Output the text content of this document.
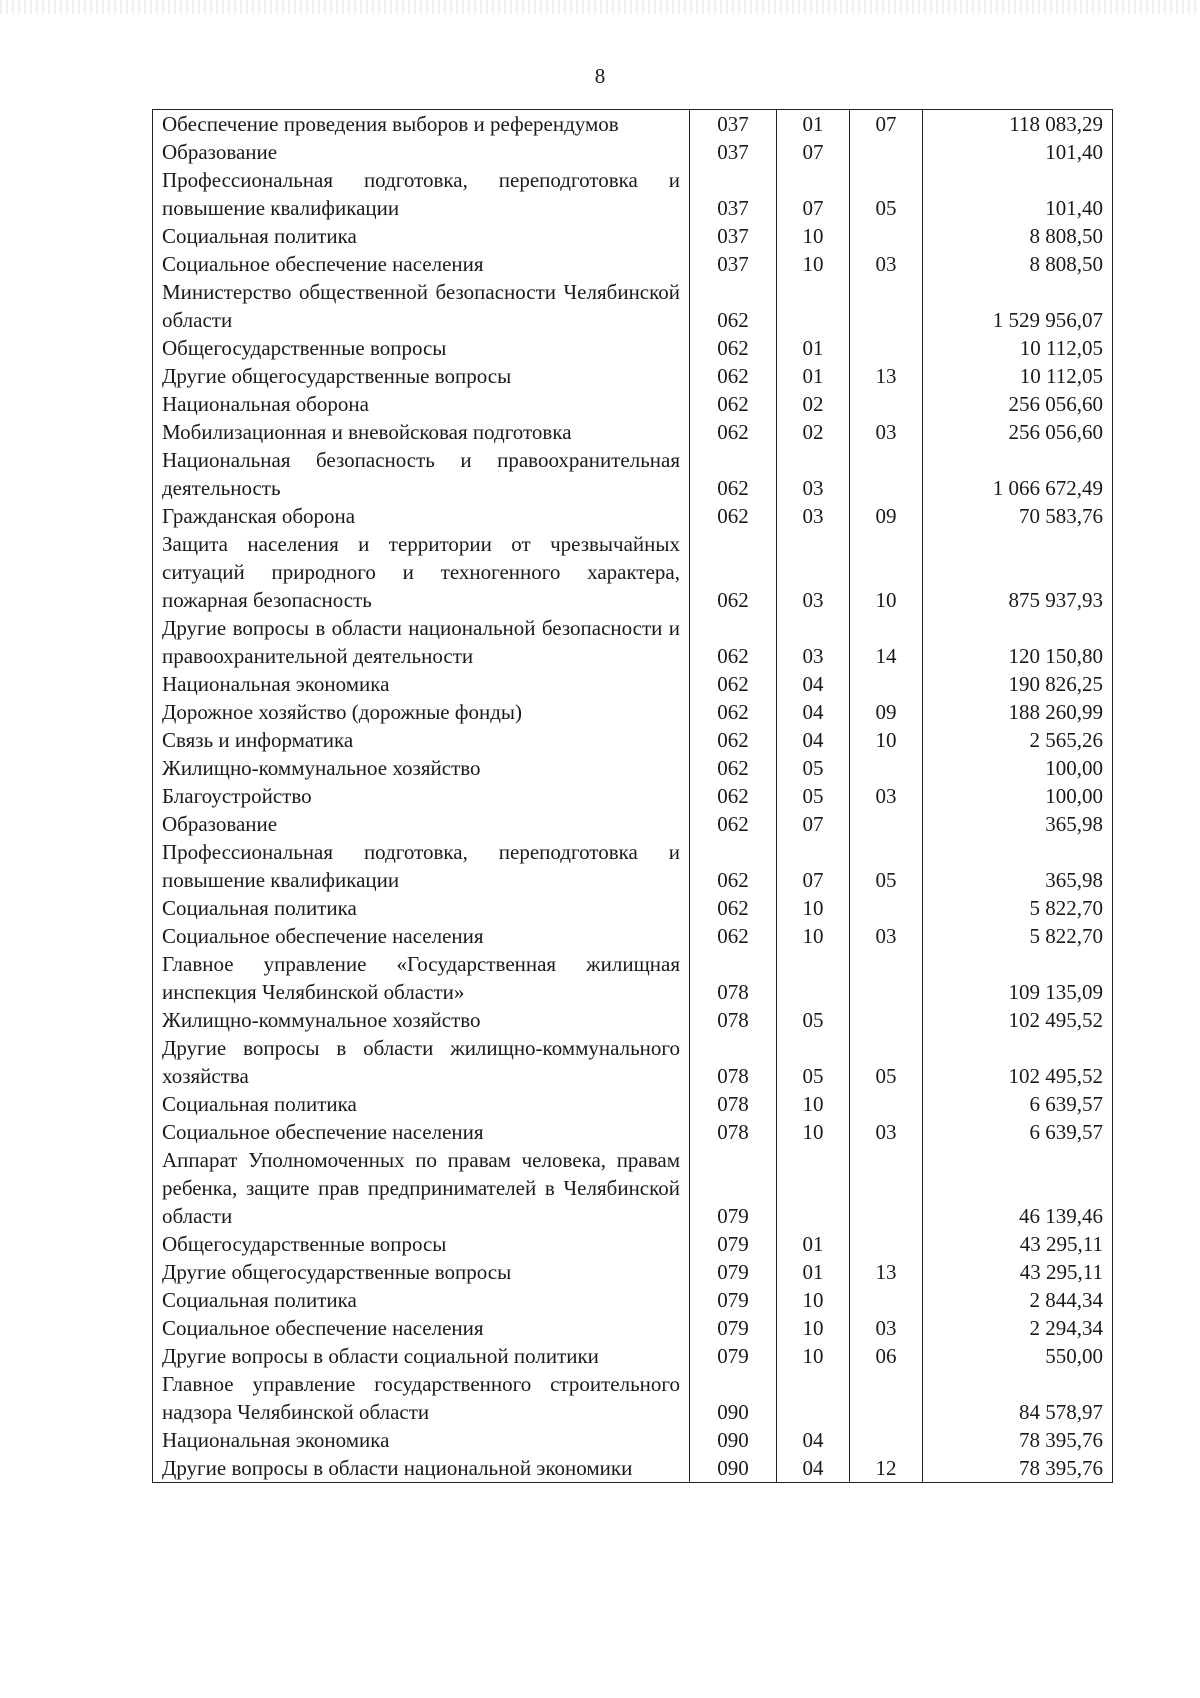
8
Обеспечение проведения выборов и референдумов	037	01	07	118 083,29
Образование	037	07		101,40
Профессиональная подготовка, переподготовка и повышение квалификации	037	07	05	101,40
Социальная политика	037	10		8 808,50
Социальное обеспечение населения	037	10	03	8 808,50
Министерство общественной безопасности Челябинской области	062			1 529 956,07
Общегосударственные вопросы	062	01		10 112,05
Другие общегосударственные вопросы	062	01	13	10 112,05
Национальная оборона	062	02		256 056,60
Мобилизационная и вневойсковая подготовка	062	02	03	256 056,60
Национальная безопасность и правоохранительная деятельность	062	03		1 066 672,49
Гражданская оборона	062	03	09	70 583,76
Защита населения и территории от чрезвычайных ситуаций природного и техногенного характера, пожарная безопасность	062	03	10	875 937,93
Другие вопросы в области национальной безопасности и правоохранительной деятельности	062	03	14	120 150,80
Национальная экономика	062	04		190 826,25
Дорожное хозяйство (дорожные фонды)	062	04	09	188 260,99
Связь и информатика	062	04	10	2 565,26
Жилищно-коммунальное хозяйство	062	05		100,00
Благоустройство	062	05	03	100,00
Образование	062	07		365,98
Профессиональная подготовка, переподготовка и повышение квалификации	062	07	05	365,98
Социальная политика	062	10		5 822,70
Социальное обеспечение населения	062	10	03	5 822,70
Главное управление «Государственная жилищная инспекция Челябинской области»	078			109 135,09
Жилищно-коммунальное хозяйство	078	05		102 495,52
Другие вопросы в области жилищно-коммунального хозяйства	078	05	05	102 495,52
Социальная политика	078	10		6 639,57
Социальное обеспечение населения	078	10	03	6 639,57
Аппарат Уполномоченных по правам человека, правам ребенка, защите прав предпринимателей в Челябинской области	079			46 139,46
Общегосударственные вопросы	079	01		43 295,11
Другие общегосударственные вопросы	079	01	13	43 295,11
Социальная политика	079	10		2 844,34
Социальное обеспечение населения	079	10	03	2 294,34
Другие вопросы в области социальной политики	079	10	06	550,00
Главное управление государственного строительного надзора Челябинской области	090			84 578,97
Национальная экономика	090	04		78 395,76
Другие вопросы в области национальной экономики	090	04	12	78 395,76
